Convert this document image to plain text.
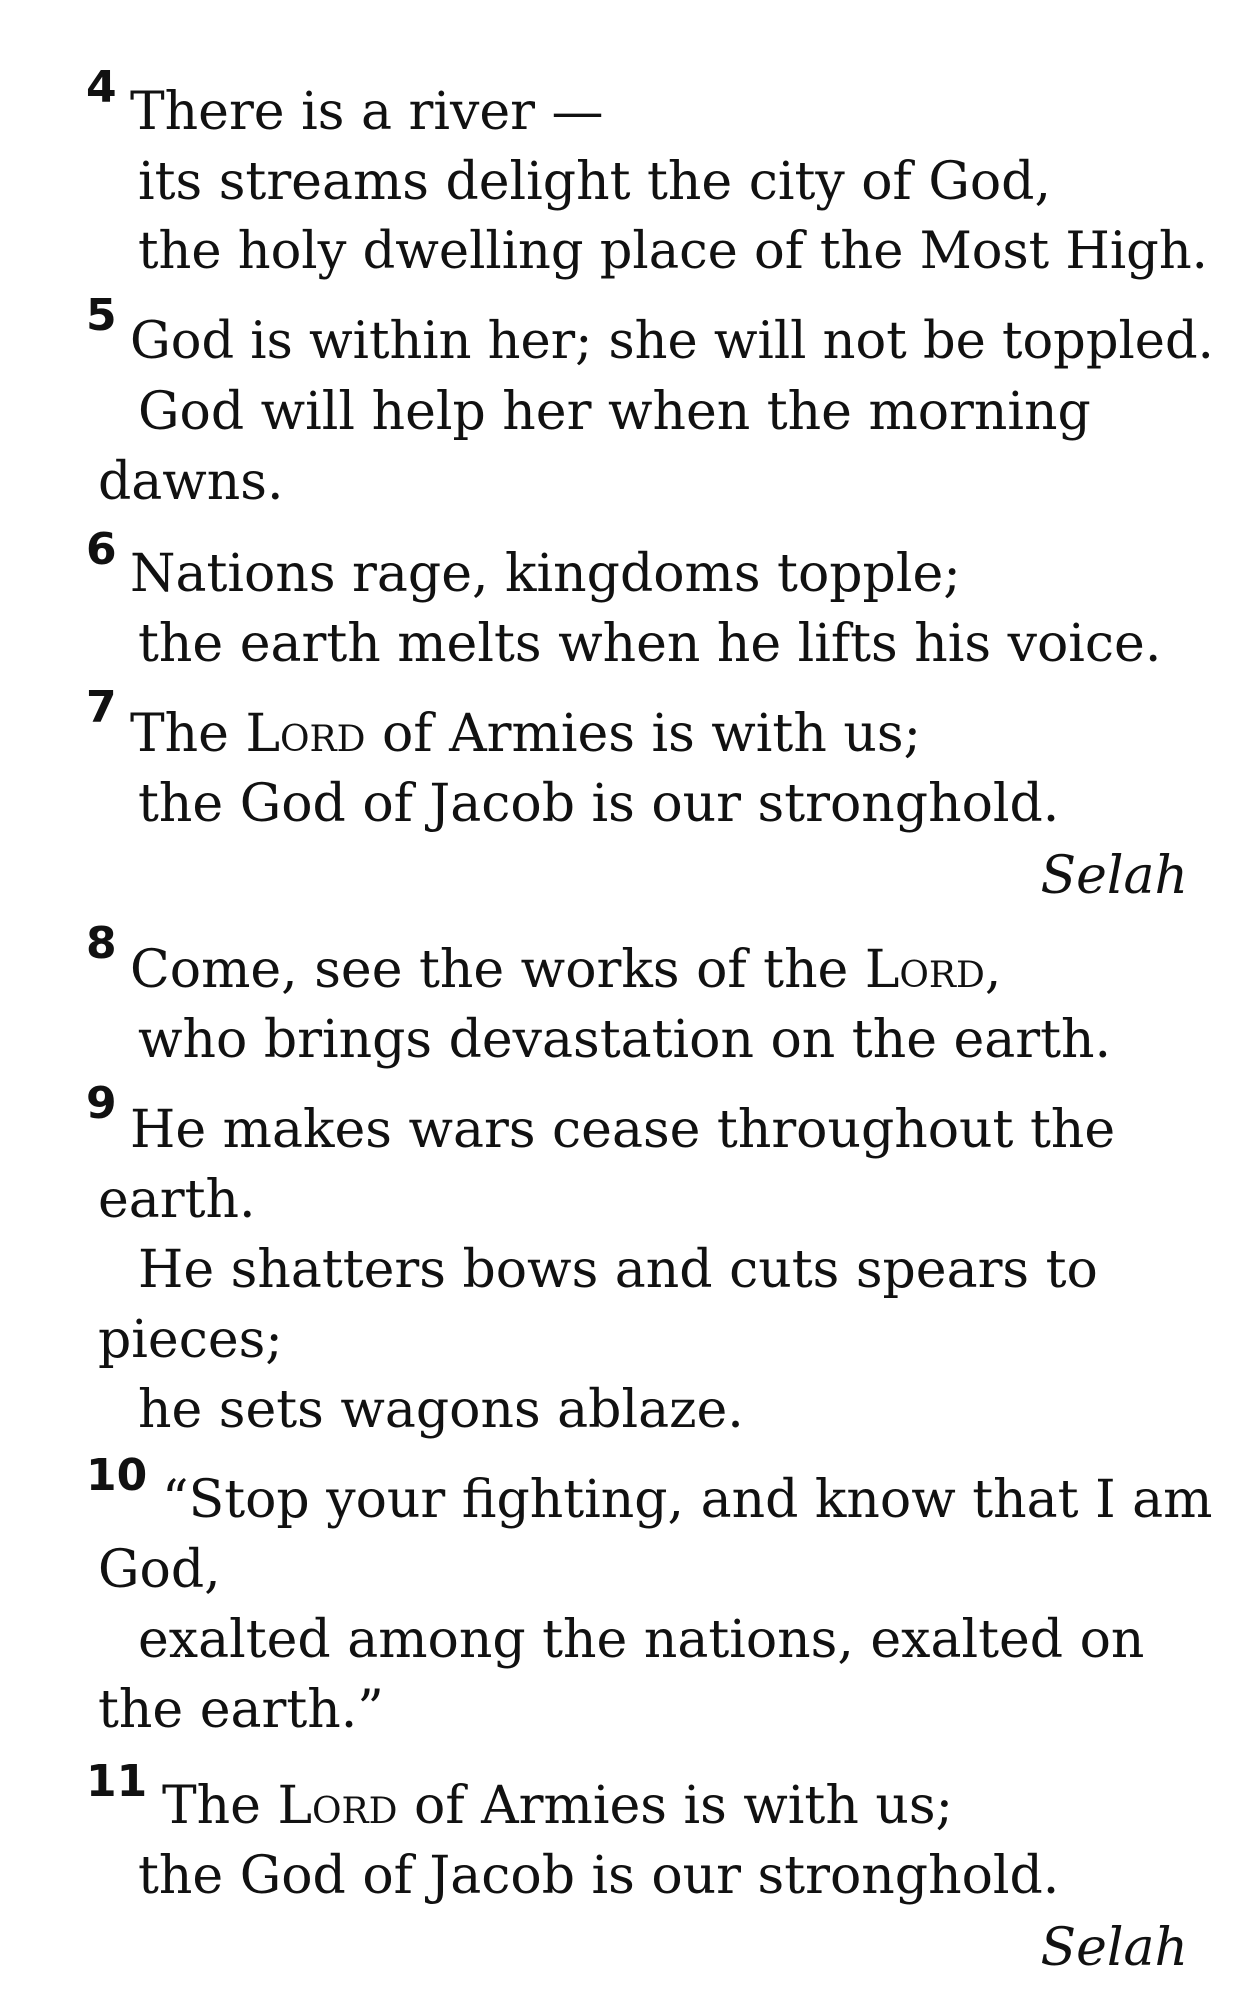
4 There is a river —
its streams delight the city of God,
the holy dwelling place of the Most High.
5 God is within her; she will not be toppled.
God will help her when the morning
dawns.
6 Nations rage, kingdoms topple;
the earth melts when he lifts his voice.
7 The Lord of Armies is with us;
the God of Jacob is our stronghold.
Selah
8 Come, see the works of the Lord,
who brings devastation on the earth.
9 He makes wars cease throughout the
earth.
He shatters bows and cuts spears to
pieces;
he sets wagons ablaze.
10 “Stop your fighting, and know that I am
God,
exalted among the nations, exalted on
the earth.”
11 The Lord of Armies is with us;
the God of Jacob is our stronghold.
Selah
